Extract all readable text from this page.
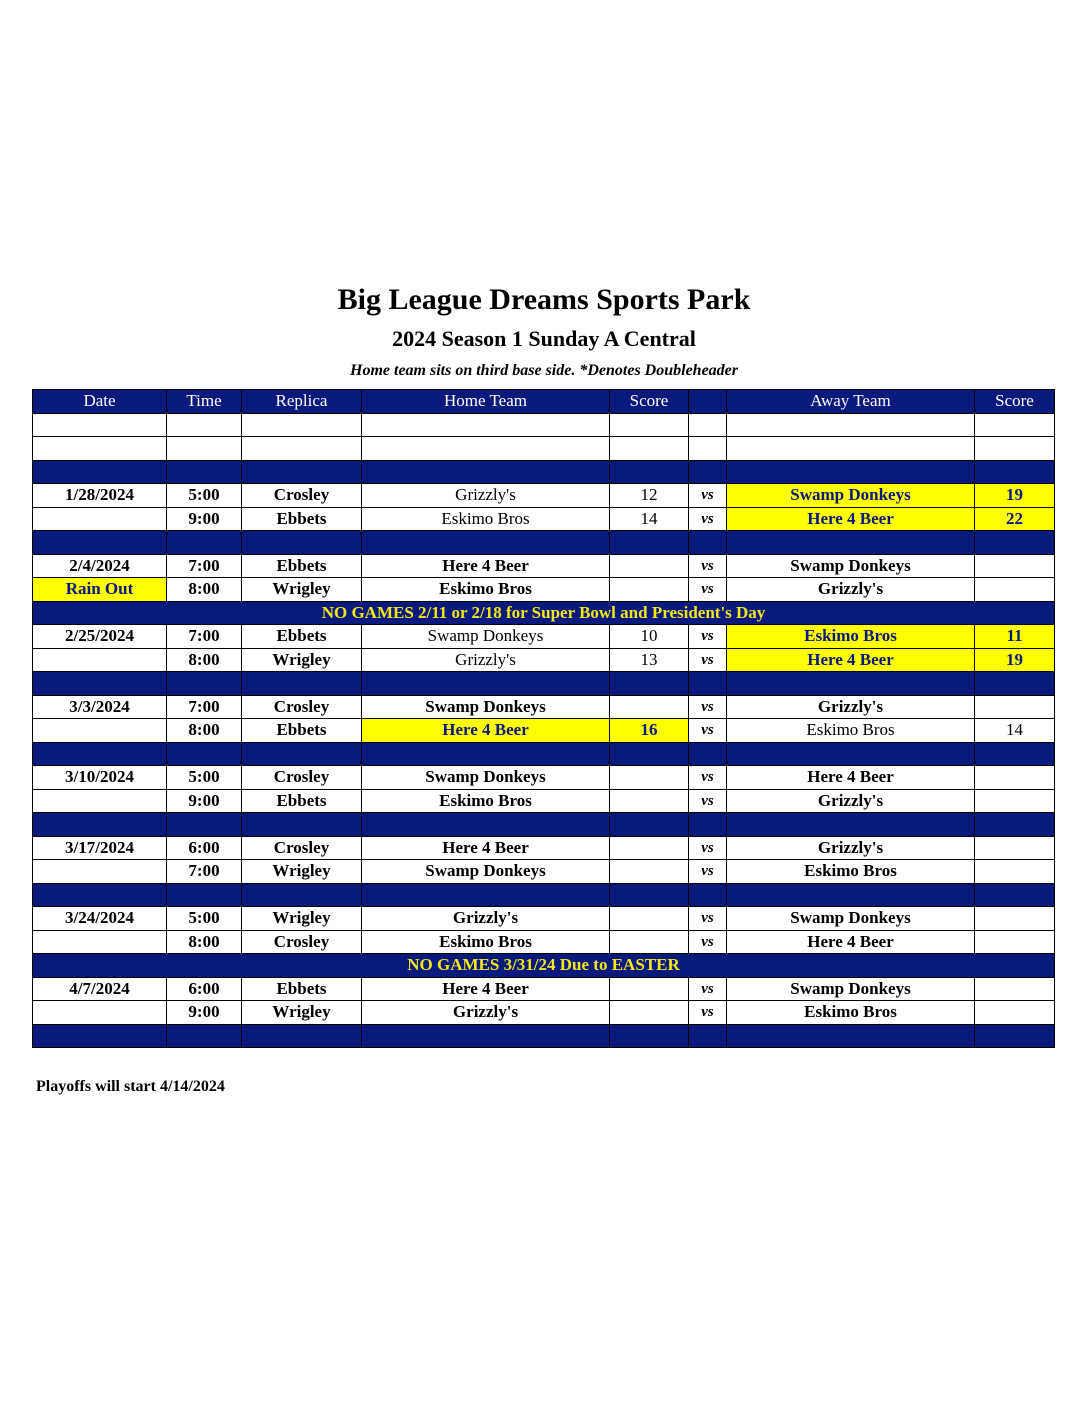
Big League Dreams Sports Park
2024 Season 1 Sunday A Central

Home team sits on third base side. *Denotes Doubleheader

Date	Time	Replica	Home Team	Score		Away Team	Score

1/28/2024	5:00	Crosley	Grizzly's	12	vs	Swamp Donkeys	19
	9:00	Ebbets	Eskimo Bros	14	vs	Here 4 Beer	22

2/4/2024	7:00	Ebbets	Here 4 Beer		vs	Swamp Donkeys	
Rain Out	8:00	Wrigley	Eskimo Bros		vs	Grizzly's	
NO GAMES 2/11 or 2/18 for Super Bowl and President's Day							
2/25/2024	7:00	Ebbets	Swamp Donkeys	10	vs	Eskimo Bros	11
	8:00	Wrigley	Grizzly's	13	vs	Here 4 Beer	19

3/3/2024	7:00	Crosley	Swamp Donkeys		vs	Grizzly's	
	8:00	Ebbets	Here 4 Beer	16	vs	Eskimo Bros	14

3/10/2024	5:00	Crosley	Swamp Donkeys		vs	Here 4 Beer	
	9:00	Ebbets	Eskimo Bros		vs	Grizzly's	

3/17/2024	6:00	Crosley	Here 4 Beer		vs	Grizzly's	
	7:00	Wrigley	Swamp Donkeys		vs	Eskimo Bros	

3/24/2024	5:00	Wrigley	Grizzly's		vs	Swamp Donkeys	
	8:00	Crosley	Eskimo Bros		vs	Here 4 Beer	
NO GAMES 3/31/24 Due to EASTER							
4/7/2024	6:00	Ebbets	Here 4 Beer		vs	Swamp Donkeys	
	9:00	Wrigley	Grizzly's		vs	Eskimo Bros	

Playoffs will start 4/14/2024
